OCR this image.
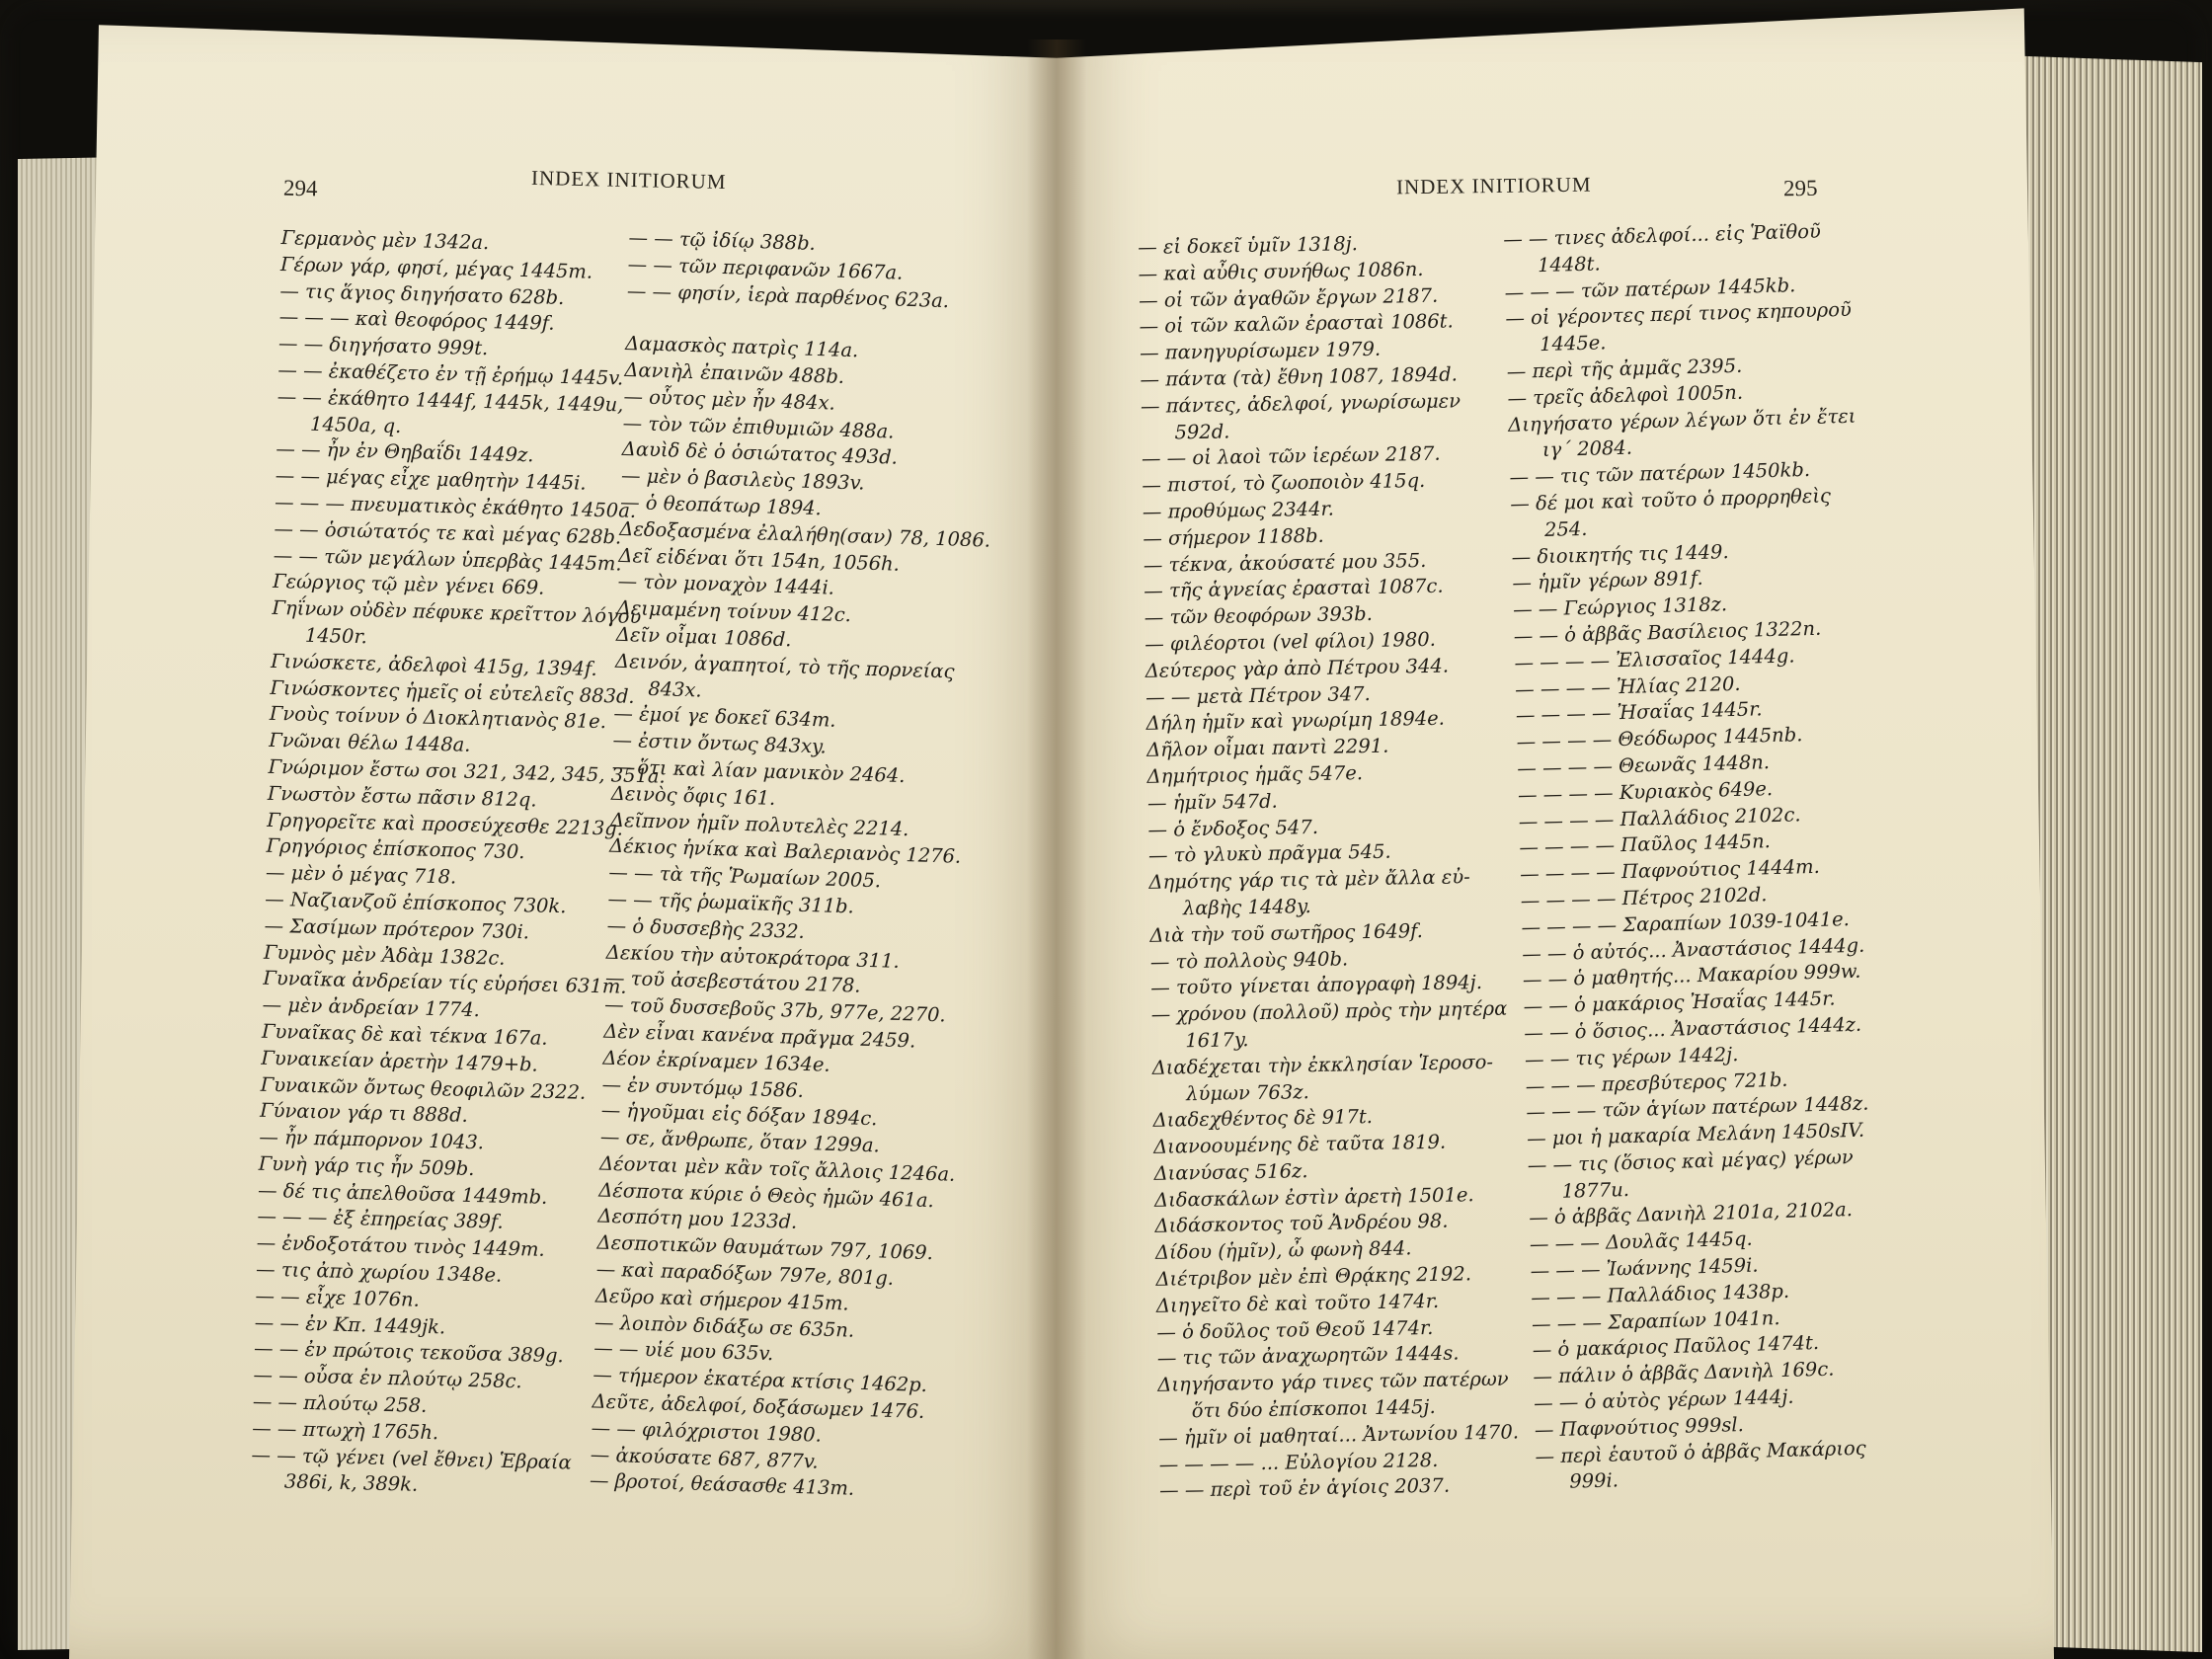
294	INDEX INITIORUM	INDEX INITIORUM	295
Γερμανὸς μὲν 1342a.
Γέρων γάρ, φησί, μέγας 1445m.
— τις ἅγιος διηγήσατο 628b.
— — — καὶ θεοφόρος 1449f.
— — διηγήσατο 999t.
— — ἐκαθέζετο ἐν τῇ ἐρήμῳ 1445v.
— — ἐκάθητο 1444f, 1445k, 1449u,
1450a, q.
— — ἦν ἐν Θηβαΐδι 1449z.
— — μέγας εἶχε μαθητὴν 1445i.
— — — πνευματικὸς ἐκάθητο 1450a.
— — ὁσιώτατός τε καὶ μέγας 628b.
— — τῶν μεγάλων ὑπερβὰς 1445m.
Γεώργιος τῷ μὲν γένει 669.
Γηΐνων οὐδὲν πέφυκε κρεῖττον λόγου
1450r.
Γινώσκετε, ἀδελφοὶ 415g, 1394f.
Γινώσκοντες ἡμεῖς οἱ εὐτελεῖς 883d.
Γνοὺς τοίνυν ὁ Διοκλητιανὸς 81e.
Γνῶναι θέλω 1448a.
Γνώριμον ἔστω σοι 321, 342, 345, 351a.
Γνωστὸν ἔστω πᾶσιν 812q.
Γρηγορεῖτε καὶ προσεύχεσθε 2213g.
Γρηγόριος ἐπίσκοπος 730.
— μὲν ὁ μέγας 718.
— Ναζιανζοῦ ἐπίσκοπος 730k.
— Σασίμων πρότερον 730i.
Γυμνὸς μὲν Ἀδὰμ 1382c.
Γυναῖκα ἀνδρείαν τίς εὑρήσει 631m.
— μὲν ἀνδρείαν 1774.
Γυναῖκας δὲ καὶ τέκνα 167a.
Γυναικείαν ἀρετὴν 1479+b.
Γυναικῶν ὄντως θεοφιλῶν 2322.
Γύναιον γάρ τι 888d.
— ἦν πάμπορνον 1043.
Γυνὴ γάρ τις ἦν 509b.
— δέ τις ἀπελθοῦσα 1449mb.
— — — ἐξ ἐπηρείας 389f.
— ἐνδοξοτάτου τινὸς 1449m.
— τις ἀπὸ χωρίου 1348e.
— — εἶχε 1076n.
— — ἐν Κπ. 1449jk.
— — ἐν πρώτοις τεκοῦσα 389g.
— — οὖσα ἐν πλούτῳ 258c.
— — πλούτῳ 258.
— — πτωχὴ 1765h.
— — τῷ γένει (vel ἔθνει) Ἑβραία
386i, k, 389k.
— — τῷ ἰδίῳ 388b.
— — τῶν περιφανῶν 1667a.
— — φησίν, ἱερὰ παρθένος 623a.
Δαμασκὸς πατρὶς 114a.
Δανιὴλ ἐπαινῶν 488b.
— οὗτος μὲν ἦν 484x.
— τὸν τῶν ἐπιθυμιῶν 488a.
Δαυὶδ δὲ ὁ ὁσιώτατος 493d.
— μὲν ὁ βασιλεὺς 1893v.
— ὁ θεοπάτωρ 1894.
Δεδοξασμένα ἐλαλήθη(σαν) 78, 1086.
Δεῖ εἰδέναι ὅτι 154n, 1056h.
— τὸν μοναχὸν 1444i.
Δειμαμένη τοίνυν 412c.
Δεῖν οἶμαι 1086d.
Δεινόν, ἀγαπητοί, τὸ τῆς πορνείας
843x.
— ἐμοί γε δοκεῖ 634m.
— ἐστιν ὄντως 843xy.
— ὅτι καὶ λίαν μανικὸν 2464.
Δεινὸς ὄφις 161.
Δεῖπνον ἡμῖν πολυτελὲς 2214.
Δέκιος ἡνίκα καὶ Βαλεριανὸς 1276.
— — τὰ τῆς Ῥωμαίων 2005.
— — τῆς ῥωμαϊκῆς 311b.
— ὁ δυσσεβὴς 2332.
Δεκίου τὴν αὐτοκράτορα 311.
— τοῦ ἀσεβεστάτου 2178.
— τοῦ δυσσεβοῦς 37b, 977e, 2270.
Δὲν εἶναι κανένα πρᾶγμα 2459.
Δέον ἐκρίναμεν 1634e.
— ἐν συντόμῳ 1586.
— ἡγοῦμαι εἰς δόξαν 1894c.
— σε, ἄνθρωπε, ὅταν 1299a.
Δέονται μὲν κἂν τοῖς ἄλλοις 1246a.
Δέσποτα κύριε ὁ Θεὸς ἡμῶν 461a.
Δεσπότη μου 1233d.
Δεσποτικῶν θαυμάτων 797, 1069.
— καὶ παραδόξων 797e, 801g.
Δεῦρο καὶ σήμερον 415m.
— λοιπὸν διδάξω σε 635n.
— — υἱέ μου 635v.
— τήμερον ἑκατέρα κτίσις 1462p.
Δεῦτε, ἀδελφοί, δοξάσωμεν 1476.
— — φιλόχριστοι 1980.
— ἀκούσατε 687, 877v.
— βροτοί, θεάσασθε 413m.
— εἰ δοκεῖ ὑμῖν 1318j.
— καὶ αὖθις συνήθως 1086n.
— οἱ τῶν ἀγαθῶν ἔργων 2187.
— οἱ τῶν καλῶν ἐρασταὶ 1086t.
— πανηγυρίσωμεν 1979.
— πάντα (τὰ) ἔθνη 1087, 1894d.
— πάντες, ἀδελφοί, γνωρίσωμεν
592d.
— — οἱ λαοὶ τῶν ἱερέων 2187.
— πιστοί, τὸ ζωοποιὸν 415q.
— προθύμως 2344r.
— σήμερον 1188b.
— τέκνα, ἀκούσατέ μου 355.
— τῆς ἁγνείας ἐρασταὶ 1087c.
— τῶν θεοφόρων 393b.
— φιλέορτοι (vel φίλοι) 1980.
Δεύτερος γὰρ ἀπὸ Πέτρου 344.
— — μετὰ Πέτρον 347.
Δήλη ἡμῖν καὶ γνωρίμη 1894e.
Δῆλον οἶμαι παντὶ 2291.
Δημήτριος ἡμᾶς 547e.
— ἡμῖν 547d.
— ὁ ἔνδοξος 547.
— τὸ γλυκὺ πρᾶγμα 545.
Δημότης γάρ τις τὰ μὲν ἄλλα εὐ-
λαβὴς 1448y.
Διὰ τὴν τοῦ σωτῆρος 1649f.
— τὸ πολλοὺς 940b.
— τοῦτο γίνεται ἀπογραφὴ 1894j.
— χρόνου (πολλοῦ) πρὸς τὴν μητέρα
1617y.
Διαδέχεται τὴν ἐκκλησίαν Ἱεροσο-
λύμων 763z.
Διαδεχθέντος δὲ 917t.
Διανοουμένης δὲ ταῦτα 1819.
Διανύσας 516z.
Διδασκάλων ἐστὶν ἀρετὴ 1501e.
Διδάσκοντος τοῦ Ἀνδρέου 98.
Δίδου (ἡμῖν), ὦ φωνὴ 844.
Διέτριβον μὲν ἐπὶ Θρᾴκης 2192.
Διηγεῖτο δὲ καὶ τοῦτο 1474r.
— ὁ δοῦλος τοῦ Θεοῦ 1474r.
— τις τῶν ἀναχωρητῶν 1444s.
Διηγήσαντο γάρ τινες τῶν πατέρων
ὅτι δύο ἐπίσκοποι 1445j.
— ἡμῖν οἱ μαθηταί... Ἀντωνίου 1470.
— — — — ... Εὐλογίου 2128.
— — περὶ τοῦ ἐν ἁγίοις 2037.
— — τινες ἀδελφοί... εἰς Ῥαϊθοῦ
1448t.
— — — τῶν πατέρων 1445kb.
— οἱ γέροντες περί τινος κηπουροῦ
1445e.
— περὶ τῆς ἀμμᾶς 2395.
— τρεῖς ἀδελφοὶ 1005n.
Διηγήσατο γέρων λέγων ὅτι ἐν ἔτει
ιγ΄ 2084.
— — τις τῶν πατέρων 1450kb.
— δέ μοι καὶ τοῦτο ὁ προρρηθεὶς
254.
— διοικητής τις 1449.
— ἡμῖν γέρων 891f.
— — Γεώργιος 1318z.
— — ὁ ἀββᾶς Βασίλειος 1322n.
— — — — Ἐλισσαῖος 1444g.
— — — — Ἠλίας 2120.
— — — — Ἠσαΐας 1445r.
— — — — Θεόδωρος 1445nb.
— — — — Θεωνᾶς 1448n.
— — — — Κυριακὸς 649e.
— — — — Παλλάδιος 2102c.
— — — — Παῦλος 1445n.
— — — — Παφνούτιος 1444m.
— — — — Πέτρος 2102d.
— — — — Σαραπίων 1039-1041e.
— — ὁ αὐτός... Ἀναστάσιος 1444g.
— — ὁ μαθητής... Μακαρίου 999w.
— — ὁ μακάριος Ἠσαΐας 1445r.
— — ὁ ὅσιος... Ἀναστάσιος 1444z.
— — τις γέρων 1442j.
— — — πρεσβύτερος 721b.
— — — τῶν ἁγίων πατέρων 1448z.
— μοι ἡ μακαρία Μελάνη 1450sIV.
— — τις (ὅσιος καὶ μέγας) γέρων
1877u.
— ὁ ἀββᾶς Δανιὴλ 2101a, 2102a.
— — — Δουλᾶς 1445q.
— — — Ἰωάννης 1459i.
— — — Παλλάδιος 1438p.
— — — Σαραπίων 1041n.
— ὁ μακάριος Παῦλος 1474t.
— πάλιν ὁ ἀββᾶς Δανιὴλ 169c.
— — ὁ αὐτὸς γέρων 1444j.
— Παφνούτιος 999sl.
— περὶ ἑαυτοῦ ὁ ἀββᾶς Μακάριος
999i.
